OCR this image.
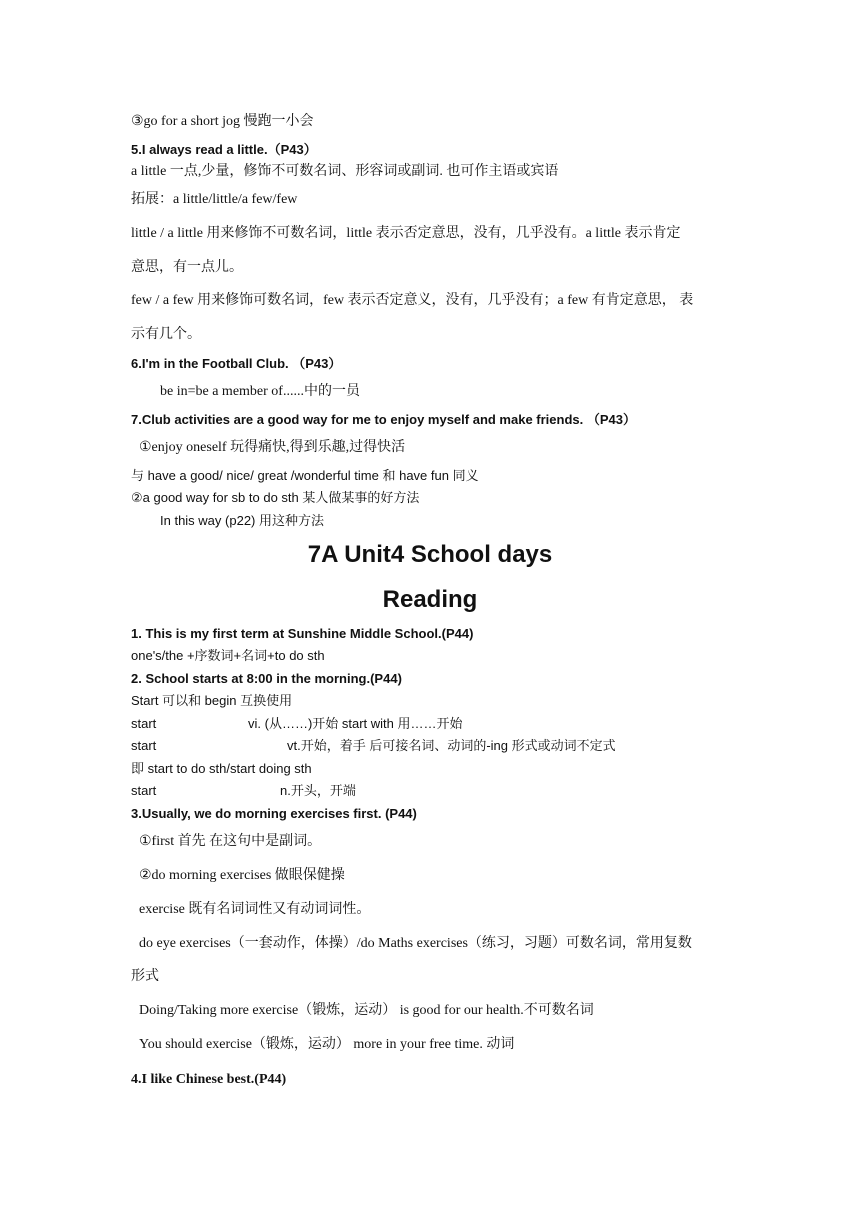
③go for a short jog 慢跑一小会
5.I always read a little.（P43）
a little 一点,少量，修饰不可数名词、形容词或副词. 也可作主语或宾语
拓展：a little/little/a few/few
little / a little 用来修饰不可数名词，little 表示否定意思，没有，几乎没有。a little 表示肯定
意思，有一点儿。
few / a few 用来修饰可数名词，few 表示否定意义，没有，几乎没有；a few 有肯定意思， 表
示有几个。
6.I'm in the Football Club. （P43）
be in=be a member of......中的一员
7.Club activities are a good way for me to enjoy myself and make friends. （P43）
①enjoy oneself 玩得痛快,得到乐趣,过得快活
与 have a good/ nice/ great /wonderful time 和 have fun 同义
②a good way for sb to do sth 某人做某事的好方法
In this way (p22) 用这种方法
7A Unit4 School days
Reading
1. This is my first term at Sunshine Middle School.(P44)
one's/the +序数词+名词+to do sth
2. School starts at 8:00 in the morning.(P44)
Start 可以和 begin 互换使用
start	vi. (从……)开始 start with 用……开始
start	vt.开始，着手 后可接名词、动词的-ing 形式或动词不定式
即 start to do sth/start doing sth
start	n.开头，开端
3.Usually, we do morning exercises first. (P44)
①first 首先 在这句中是副词。
②do morning exercises 做眼保健操
exercise 既有名词词性又有动词词性。
do eye exercises（一套动作，体操）/do Maths exercises（练习，习题）可数名词，常用复数
形式
Doing/Taking more exercise（锻炼，运动） is good for our health.不可数名词
You should exercise（锻炼，运动） more in your free time. 动词
4.I like Chinese best.(P44)
